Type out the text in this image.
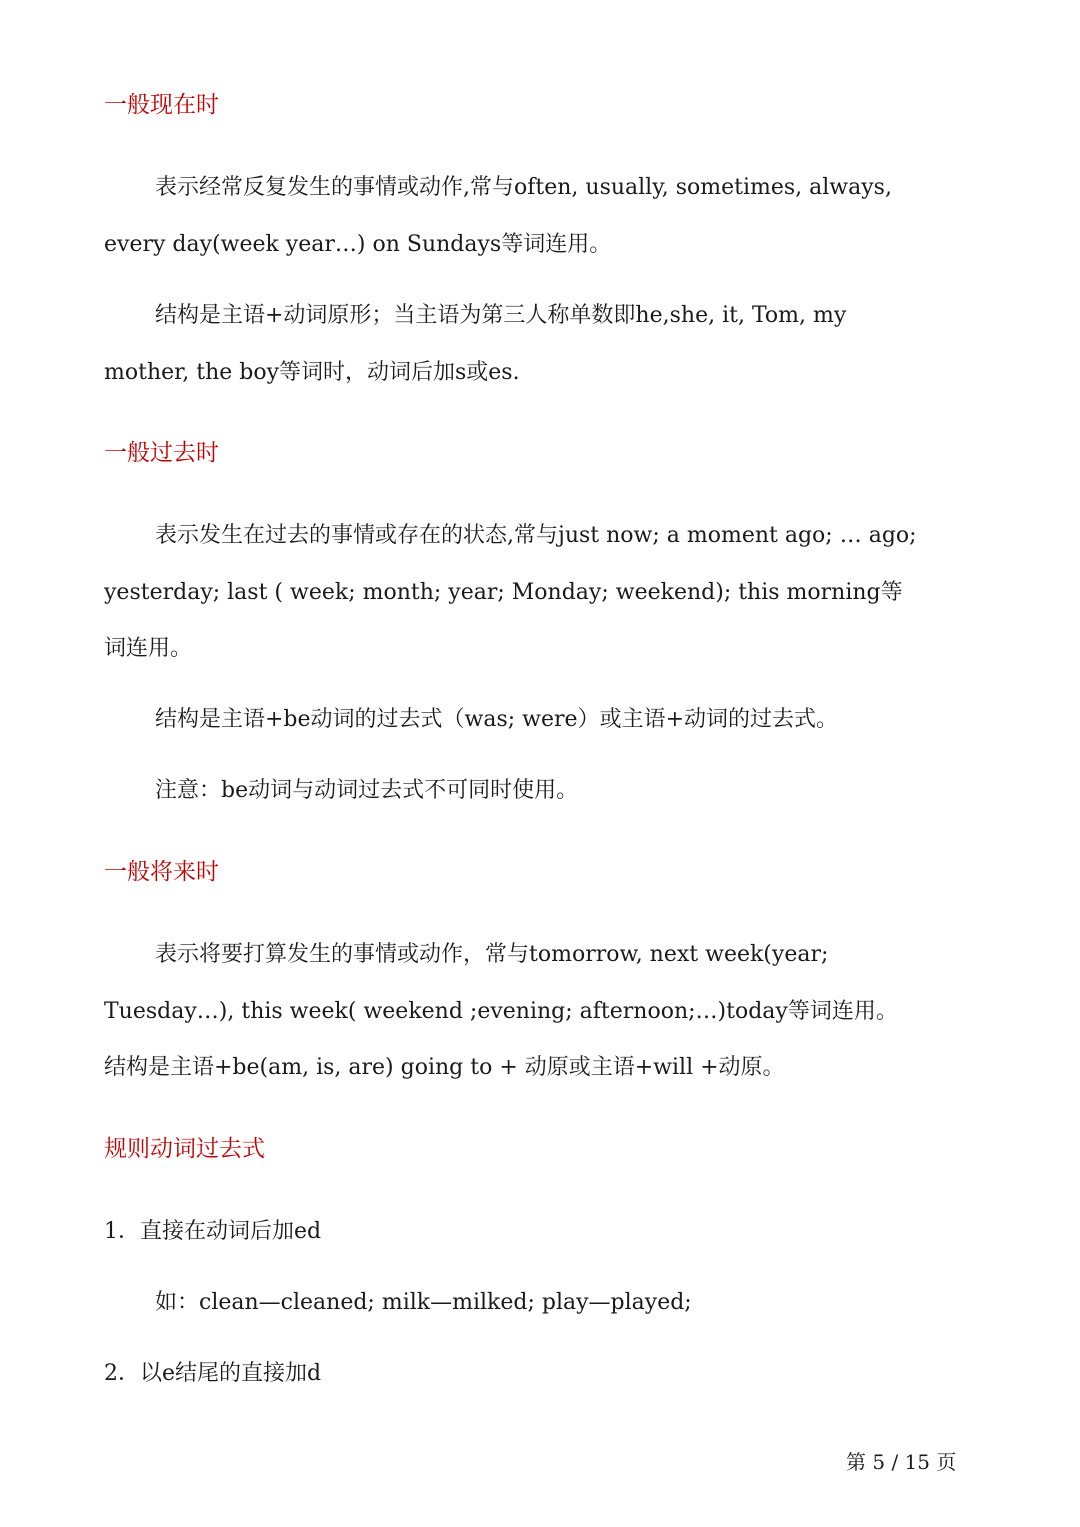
一般现在时
表示经常反复发生的事情或动作,常与often, usually, sometimes, always,
every day(week year…) on Sundays等词连用。
结构是主语+动词原形；当主语为第三人称单数即he,she, it, Tom, my
mother, the boy等词时，动词后加s或es.
一般过去时
表示发生在过去的事情或存在的状态,常与just now; a moment ago; … ago;
yesterday; last ( week; month; year; Monday; weekend); this morning等
词连用。
结构是主语+be动词的过去式（was; were）或主语+动词的过去式。
注意：be动词与动词过去式不可同时使用。
一般将来时
表示将要打算发生的事情或动作，常与tomorrow, next week(year;
Tuesday…), this week( weekend ;evening; afternoon;…)today等词连用。
结构是主语+be(am, is, are) going to + 动原或主语+will +动原。
规则动词过去式
1．直接在动词后加ed
如：clean—cleaned; milk—milked; play—played;
2．以e结尾的直接加d
第 5 / 15 页
